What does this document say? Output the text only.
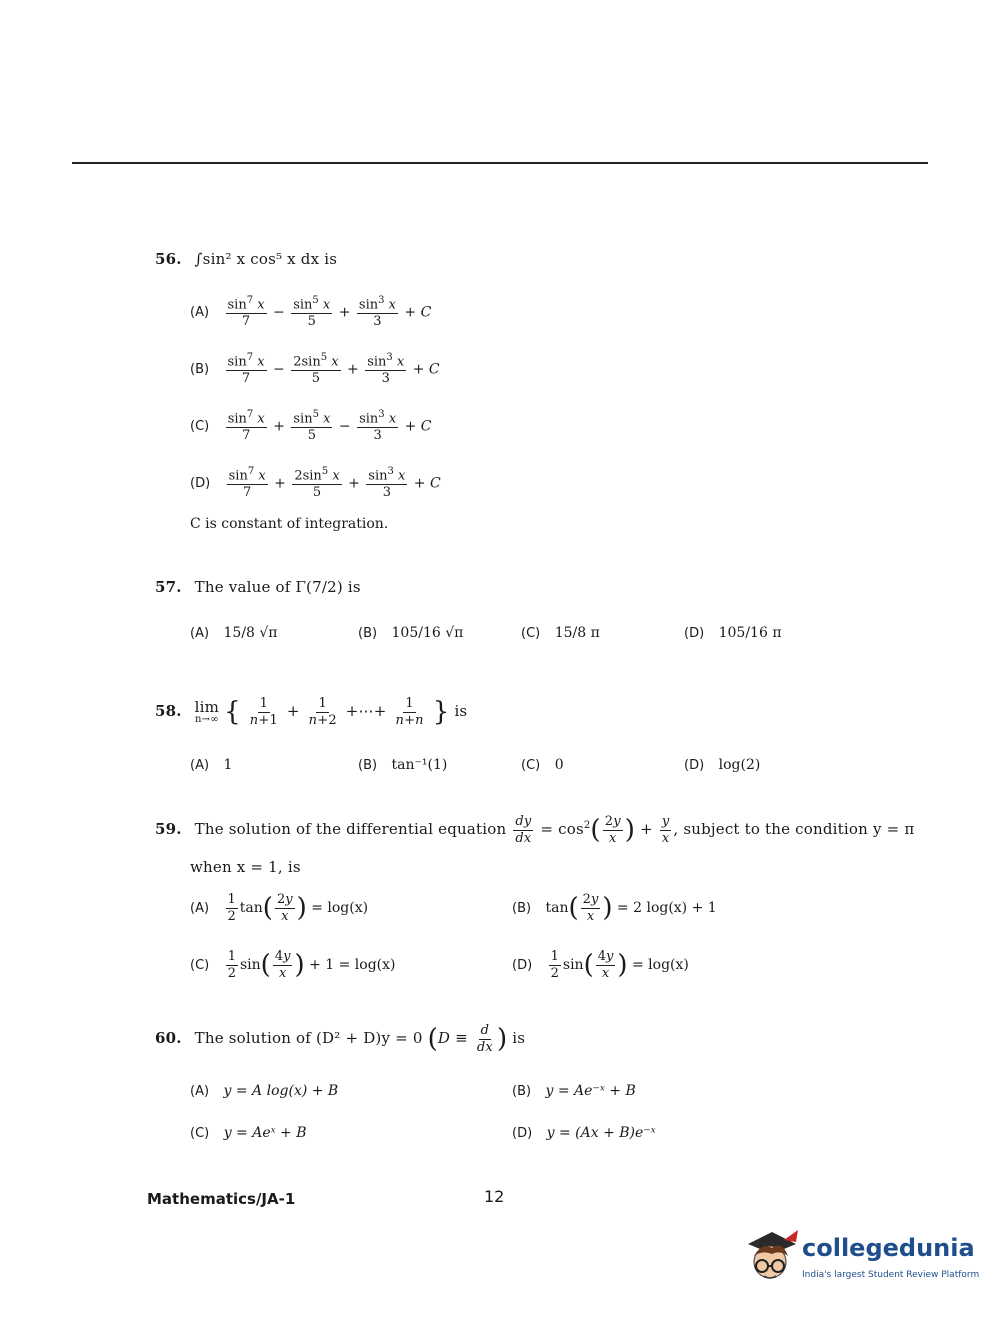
56. ∫sin² x cos⁵ x dx is
$(A) \frac{\sin^7 x}{7} - \frac{\sin^5 x}{5} + \frac{\sin^3 x}{3} + C$
$(B) \frac{\sin^7 x}{7} - \frac{2\sin^5 x}{5} + \frac{\sin^3 x}{3} + C$
$(C) \frac{\sin^7 x}{7} + \frac{\sin^5 x}{5} - \frac{\sin^3 x}{3} + C$
$(D) \frac{\sin^7 x}{7} + \frac{2\sin^5 x}{5} + \frac{\sin^3 x}{3} + C$
C is constant of integration.
57. The value of Γ(7/2) is
(A) 15/8 √π	(B) 105/16 √π	(C) 15/8 π	(D) 105/16 π
58. lim
n→∞ { $\frac{1}{n+1} + \frac{1}{n+2}$ +⋯+ $\frac{1}{n+n}$ } is
(A) 1	(B) tan⁻¹(1)	(C) 0	(D) log(2)
59. The solution of the differential equation $\frac{dy}{dx} = \cos^2( \frac{2y}{x}$ ) + $\frac{y}{x}$ , subject to the condition y = π
when x = 1, is
$(A) \frac{1}{2} \tan( \frac{2y}{x}$ ) = log(x)	(B) $\tan( \frac{2y}{x}$ ) = 2 log(x) + 1
$(C) \frac{1}{2} \sin( \frac{4y}{x}$ ) + 1 = log(x)	$(D) \frac{1}{2} \sin( \frac{4y}{x}$ ) = log(x)
60. The solution of (D² + D)y = 0 ($D \equiv \frac{d}{dx}$ ) is
(A) y = A log(x) + B	(B) y = Ae⁻ˣ + B
(C) y = Aeˣ + B	(D) y = (Ax + B)e⁻ˣ
Mathematics/JA-1	12
collegedunia
India's largest Student Review Platform
